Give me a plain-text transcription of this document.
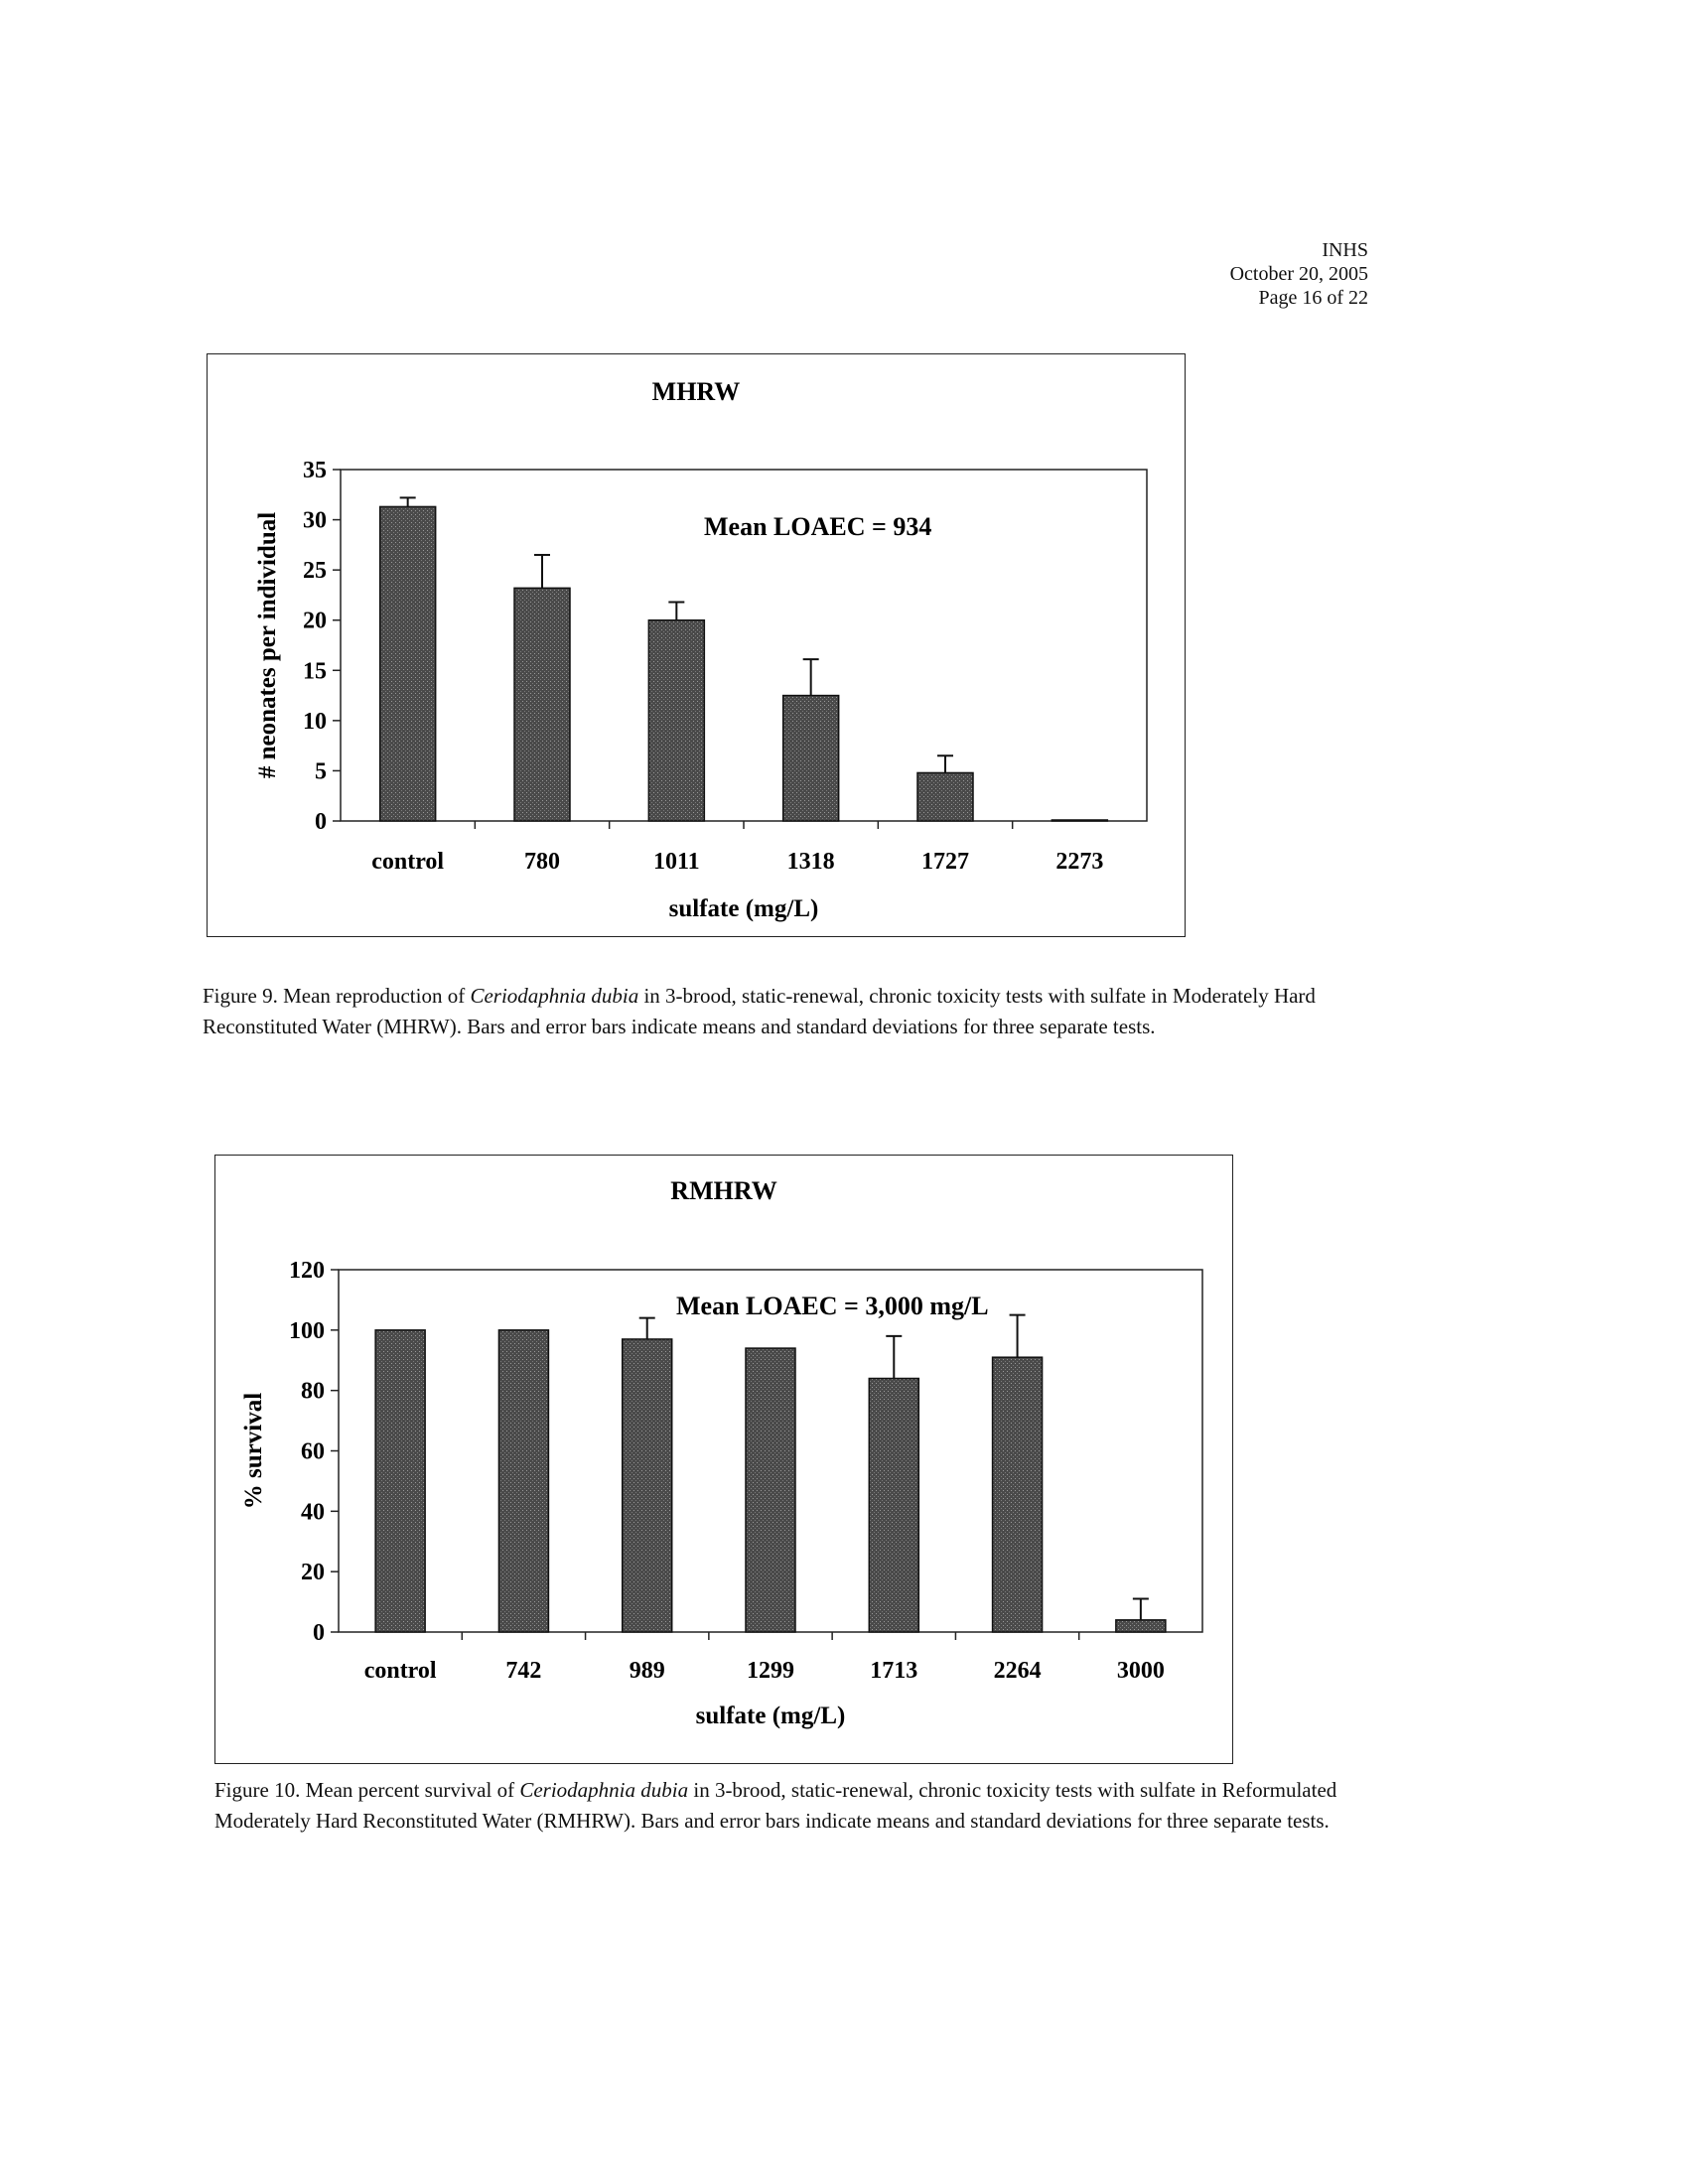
INHS
October 20, 2005
Page 16 of 22
MHRW
0
5
10
15
20
25
30
35
control	780	1011	1318	1727	2273
Mean LOAEC = 934
sulfate (mg/L)
# neonates per individual
Figure 9. Mean reproduction of Ceriodaphnia dubia in 3-brood, static-renewal, chronic toxicity tests with sulfate in Moderately Hard Reconstituted Water (MHRW). Bars and error bars indicate means and standard deviations for three separate tests.
RMHRW
0
20
40
60
80
100
120
control	742	989	1299	1713	2264	3000
Mean LOAEC = 3,000 mg/L
sulfate (mg/L)
% survival
Figure 10. Mean percent survival of Ceriodaphnia dubia in 3-brood, static-renewal, chronic toxicity tests with sulfate in Reformulated Moderately Hard Reconstituted Water (RMHRW). Bars and error bars indicate means and standard deviations for three separate tests.
